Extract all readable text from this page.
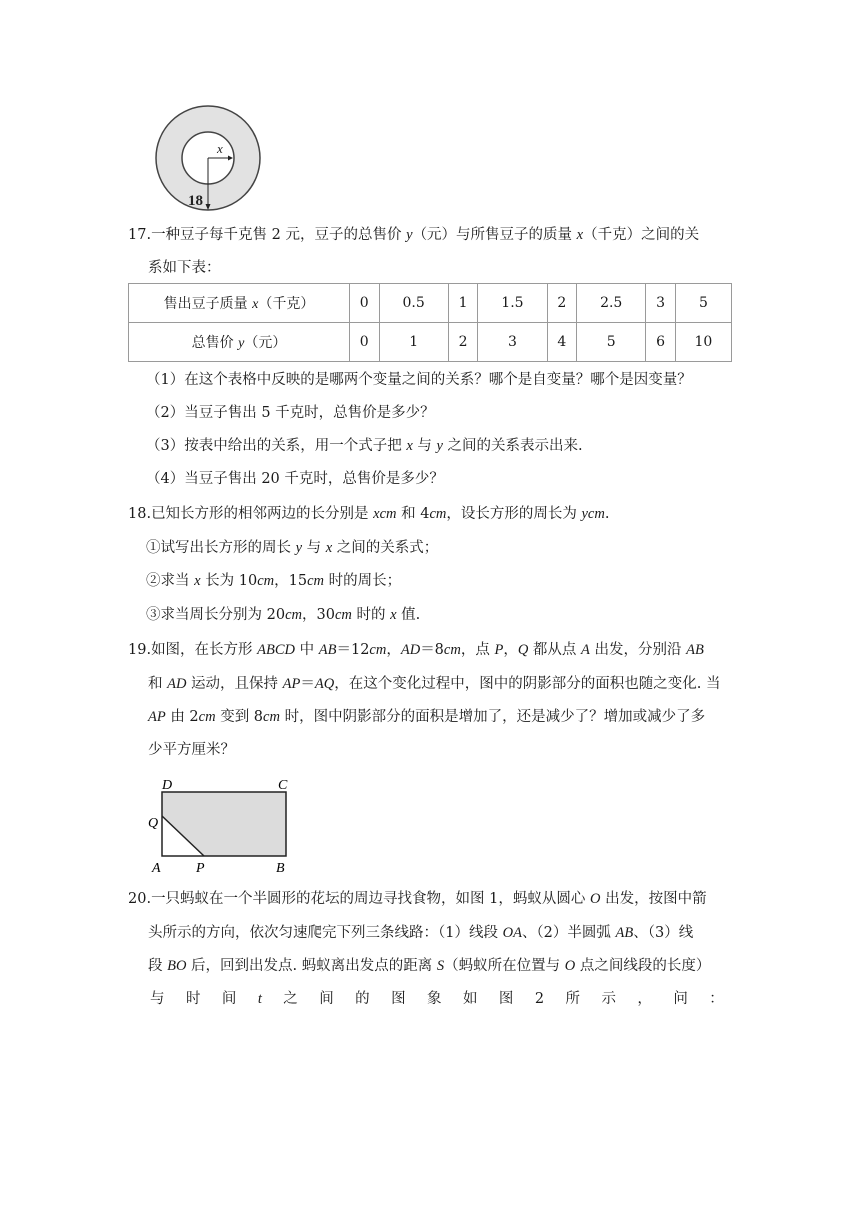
x
18
17.一种豆子每千克售 2 元，豆子的总售价 y（元）与所售豆子的质量 x（千克）之间的关
系如下表：
售出豆子质量 x（千克）	0	0.5	1	1.5	2	2.5	3	5
总售价 y（元）	0	1	2	3	4	5	6	10
（1）在这个表格中反映的是哪两个变量之间的关系？哪个是自变量？哪个是因变量？
（2）当豆子售出 5 千克时，总售价是多少？
（3）按表中给出的关系，用一个式子把 x 与 y 之间的关系表示出来.
（4）当豆子售出 20 千克时，总售价是多少？
18.已知长方形的相邻两边的长分别是 xcm 和 4cm，设长方形的周长为 ycm.
①试写出长方形的周长 y 与 x 之间的关系式；
②求当 x 长为 10cm，15cm 时的周长；
③求当周长分别为 20cm，30cm 时的 x 值.
19.如图，在长方形 ABCD 中 AB＝12cm，AD＝8cm，点 P，Q 都从点 A 出发，分别沿 AB
和 AD 运动，且保持 AP＝AQ，在这个变化过程中，图中的阴影部分的面积也随之变化. 当
AP 由 2cm 变到 8cm 时，图中阴影部分的面积是增加了，还是减少了？增加或减少了多
少平方厘米？
D	C
Q
A	P	B
20.一只蚂蚁在一个半圆形的花坛的周边寻找食物，如图 1，蚂蚁从圆心 O 出发，按图中箭
头所示的方向，依次匀速爬完下列三条线路：（1）线段 OA、（2）半圆弧 AB、（3）线
段 BO 后，回到出发点. 蚂蚁离出发点的距离 S（蚂蚁所在位置与 O 点之间线段的长度）
与 时 间 t 之 间 的 图 象 如 图 2 所 示 ， 问 ：
